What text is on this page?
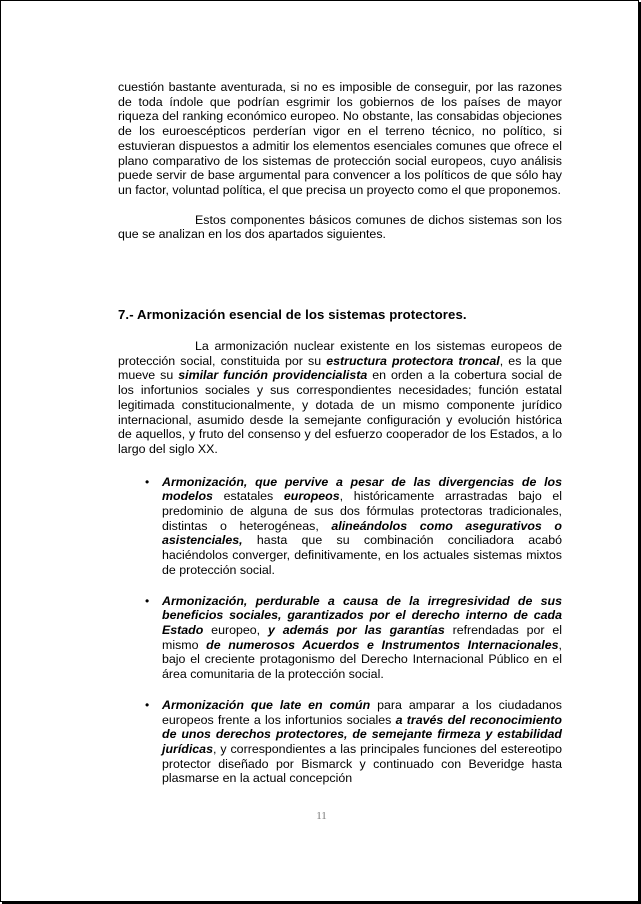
cuestión bastante aventurada, si no es imposible de conseguir, por las razones de toda índole que podrían esgrimir los gobiernos de los países de mayor riqueza del ranking económico europeo. No obstante, las consabidas objeciones de los euroescépticos perderían vigor en el terreno técnico, no político, si estuvieran dispuestos a admitir los elementos esenciales comunes que ofrece el plano comparativo de los sistemas de protección social europeos, cuyo análisis puede servir de base argumental para convencer a los políticos de que sólo hay un factor, voluntad política, el que precisa un proyecto como el que proponemos.

Estos componentes básicos comunes de dichos sistemas son los que se analizan en los dos apartados siguientes.

7.- Armonización esencial de los sistemas protectores.

La armonización nuclear existente en los sistemas europeos de protección social, constituida por su estructura protectora troncal, es la que mueve su similar función providencialista en orden a la cobertura social de los infortunios sociales y sus correspondientes necesidades; función estatal legitimada constitucionalmente, y dotada de un mismo componente jurídico internacional, asumido desde la semejante configuración y evolución histórica de aquellos, y fruto del consenso y del esfuerzo cooperador de los Estados, a lo largo del siglo XX.

• Armonización, que pervive a pesar de las divergencias de los modelos estatales europeos, históricamente arrastradas bajo el predominio de alguna de sus dos fórmulas protectoras tradicionales, distintas o heterogéneas, alineándolos como asegurativos o asistenciales, hasta que su combinación conciliadora acabó haciéndolos converger, definitivamente, en los actuales sistemas mixtos de protección social.
• Armonización, perdurable a causa de la irregresividad de sus beneficios sociales, garantizados por el derecho interno de cada Estado europeo, y además por las garantías refrendadas por el mismo de numerosos Acuerdos e Instrumentos Internacionales, bajo el creciente protagonismo del Derecho Internacional Público en el área comunitaria de la protección social.
• Armonización que late en común para amparar a los ciudadanos europeos frente a los infortunios sociales a través del reconocimiento de unos derechos protectores, de semejante firmeza y estabilidad jurídicas, y correspondientes a las principales funciones del estereotipo protector diseñado por Bismarck y continuado con Beveridge hasta plasmarse en la actual concepción
11
